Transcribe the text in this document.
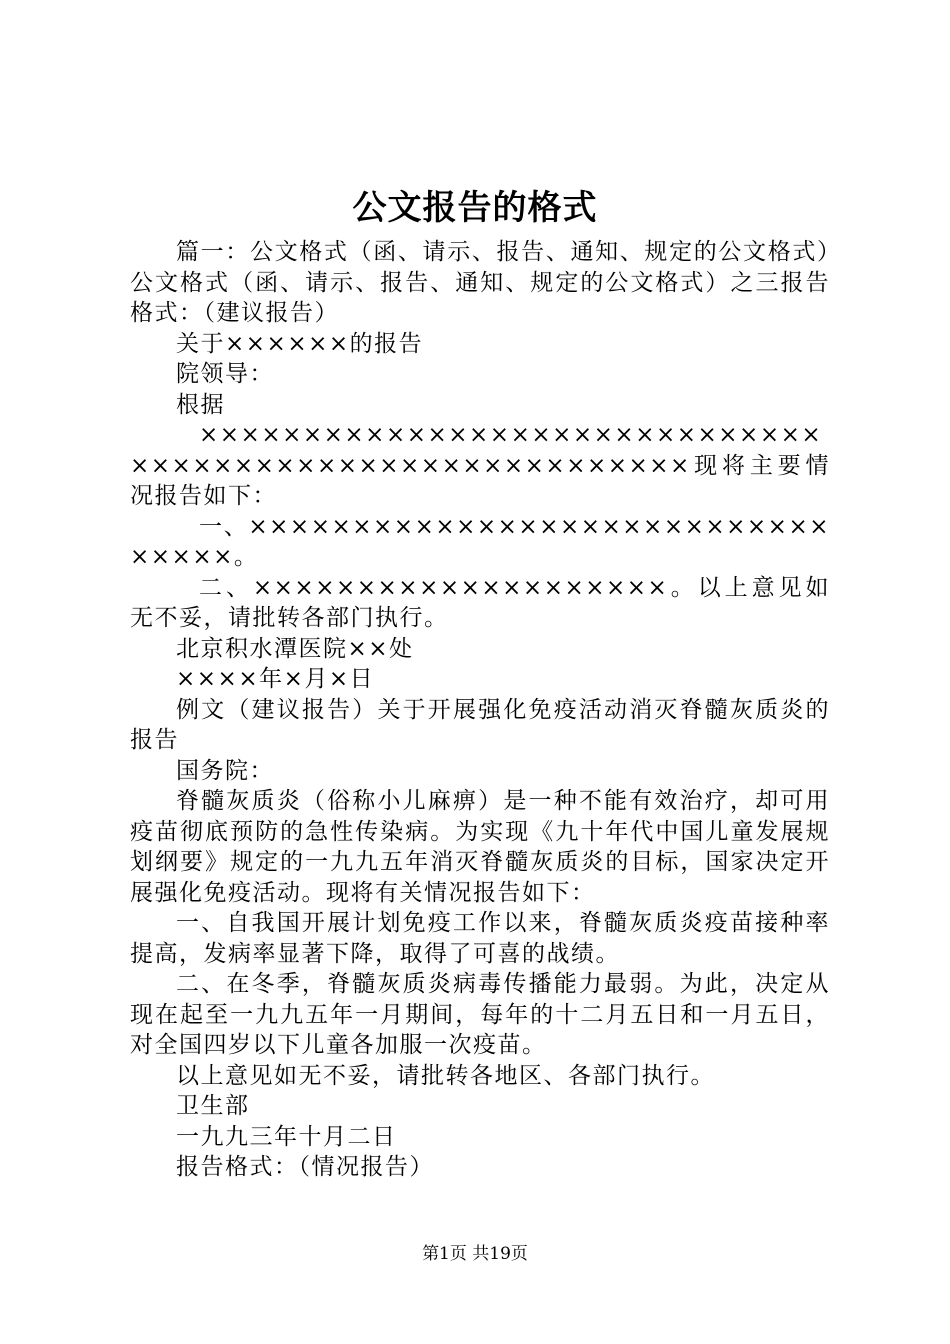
公文报告的格式

篇一：公文格式（函、请示、报告、通知、规定的公文格式）公文格式（函、请示、报告、通知、规定的公文格式）之三报告格式：（建议报告）

关于××××××的报告

院领导：

根据

×××××××××××××××××××××××××××××××××××××××××××××××××××××××××现将主要情况报告如下：

一、×××××××××××××××××××××××××××××××××。

二、××××××××××××××××××××。以上意见如无不妥，请批转各部门执行。

北京积水潭医院××处

××××年×月×日

例文（建议报告）关于开展强化免疫活动消灭脊髓灰质炎的报告

国务院：

脊髓灰质炎（俗称小儿麻痹）是一种不能有效治疗，却可用疫苗彻底预防的急性传染病。为实现《九十年代中国儿童发展规划纲要》规定的一九九五年消灭脊髓灰质炎的目标，国家决定开展强化免疫活动。现将有关情况报告如下：

一、自我国开展计划免疫工作以来，脊髓灰质炎疫苗接种率提高，发病率显著下降，取得了可喜的战绩。

二、在冬季，脊髓灰质炎病毒传播能力最弱。为此，决定从现在起至一九九五年一月期间，每年的十二月五日和一月五日，对全国四岁以下儿童各加服一次疫苗。

以上意见如无不妥，请批转各地区、各部门执行。

卫生部

一九九三年十月二日

报告格式：（情况报告）

第1页 共19页
